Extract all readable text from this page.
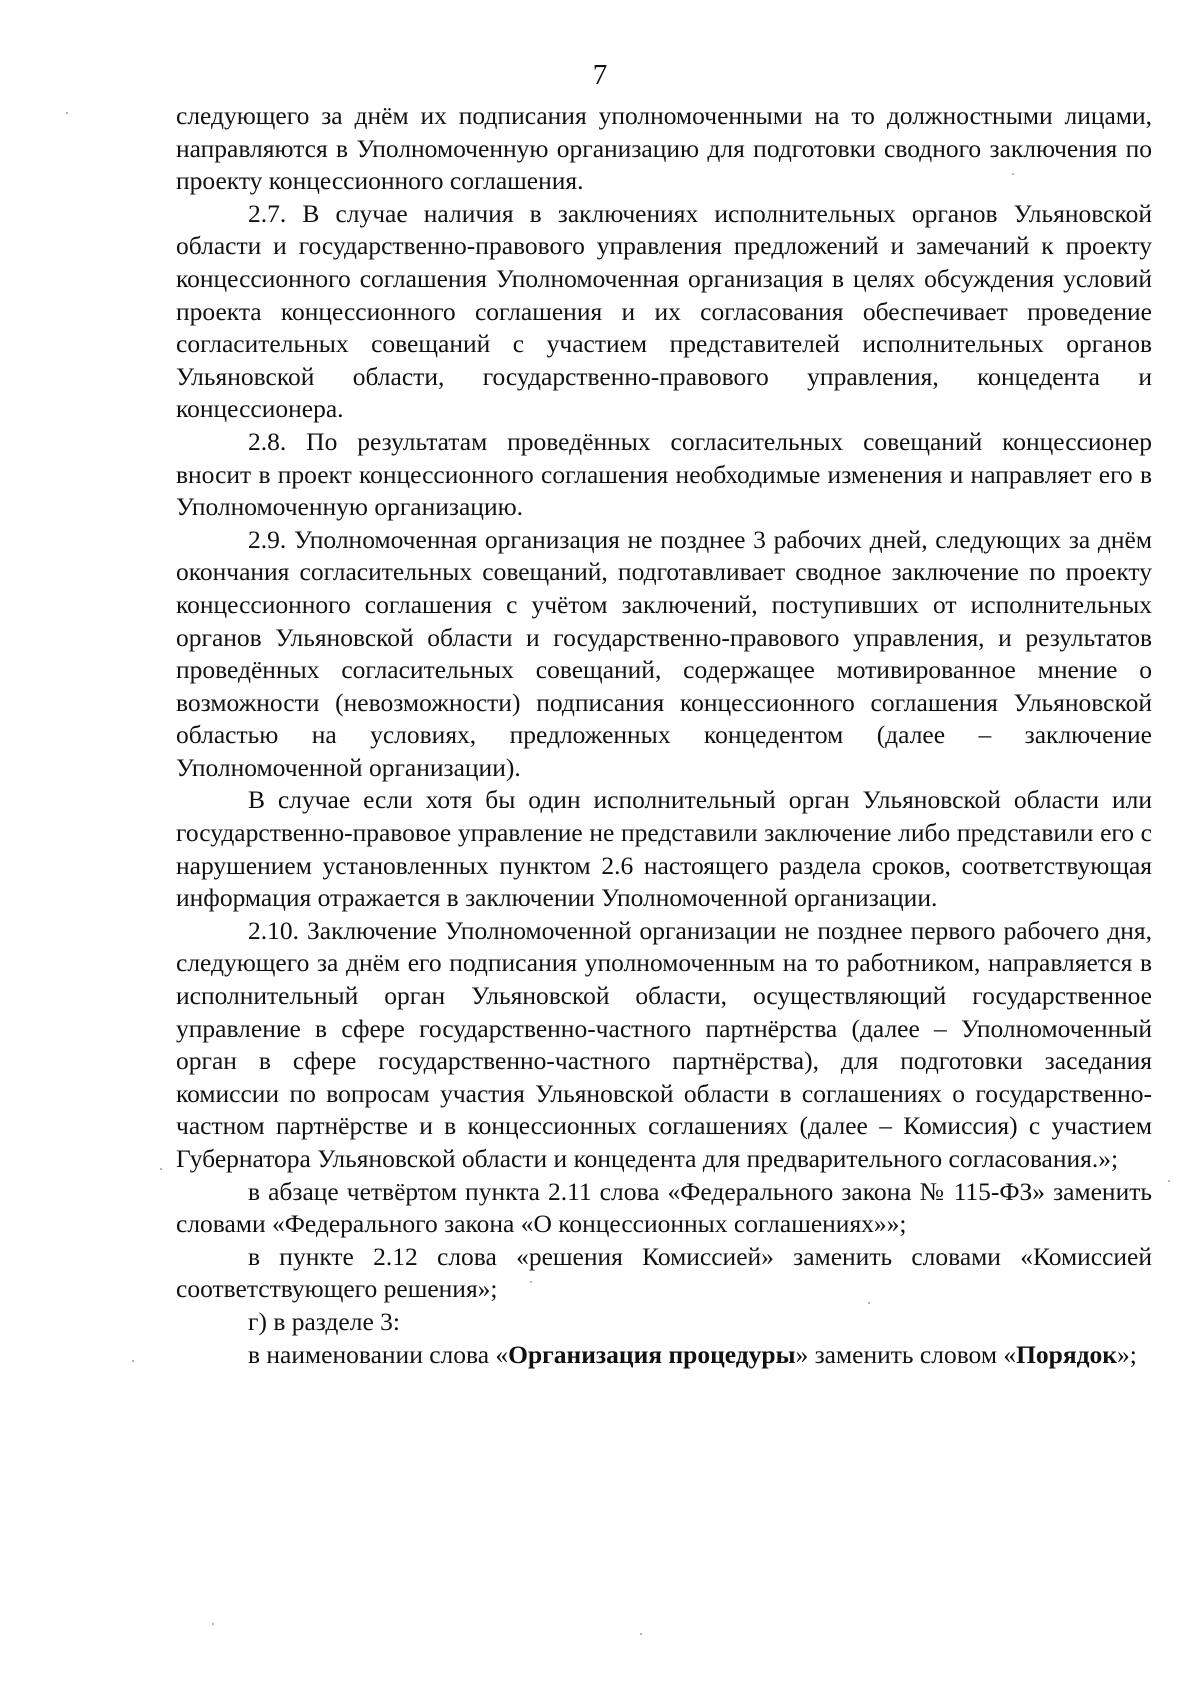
7

следующего за днём их подписания уполномоченными на то должностными лицами, направляются в Уполномоченную организацию для подготовки сводного заключения по проекту концессионного соглашения.

2.7. В случае наличия в заключениях исполнительных органов Ульяновской области и государственно-правового управления предложений и замечаний к проекту концессионного соглашения Уполномоченная организация в целях обсуждения условий проекта концессионного соглашения и их согласования обеспечивает проведение согласительных совещаний с участием представителей исполнительных органов Ульяновской области, государственно-правового управления, концедента и концессионера.

2.8. По результатам проведённых согласительных совещаний концессионер вносит в проект концессионного соглашения необходимые изменения и направляет его в Уполномоченную организацию.

2.9. Уполномоченная организация не позднее 3 рабочих дней, следующих за днём окончания согласительных совещаний, подготавливает сводное заключение по проекту концессионного соглашения с учётом заключений, поступивших от исполнительных органов Ульяновской области и государственно-правового управления, и результатов проведённых согласительных совещаний, содержащее мотивированное мнение о возможности (невозможности) подписания концессионного соглашения Ульяновской областью на условиях, предложенных концедентом (далее – заключение Уполномоченной организации).

В случае если хотя бы один исполнительный орган Ульяновской области или государственно-правовое управление не представили заключение либо представили его с нарушением установленных пунктом 2.6 настоящего раздела сроков, соответствующая информация отражается в заключении Уполномоченной организации.

2.10. Заключение Уполномоченной организации не позднее первого рабочего дня, следующего за днём его подписания уполномоченным на то работником, направляется в исполнительный орган Ульяновской области, осуществляющий государственное управление в сфере государственно-частного партнёрства (далее – Уполномоченный орган в сфере государственно-частного партнёрства), для подготовки заседания комиссии по вопросам участия Ульяновской области в соглашениях о государственно-частном партнёрстве и в концессионных соглашениях (далее – Комиссия) с участием Губернатора Ульяновской области и концедента для предварительного согласования.»;

в абзаце четвёртом пункта 2.11 слова «Федерального закона № 115-ФЗ» заменить словами «Федерального закона «О концессионных соглашениях»»;

в пункте 2.12 слова «решения Комиссией» заменить словами «Комиссией соответствующего решения»;

г) в разделе 3:

в наименовании слова «Организация процедуры» заменить словом «Порядок»;
